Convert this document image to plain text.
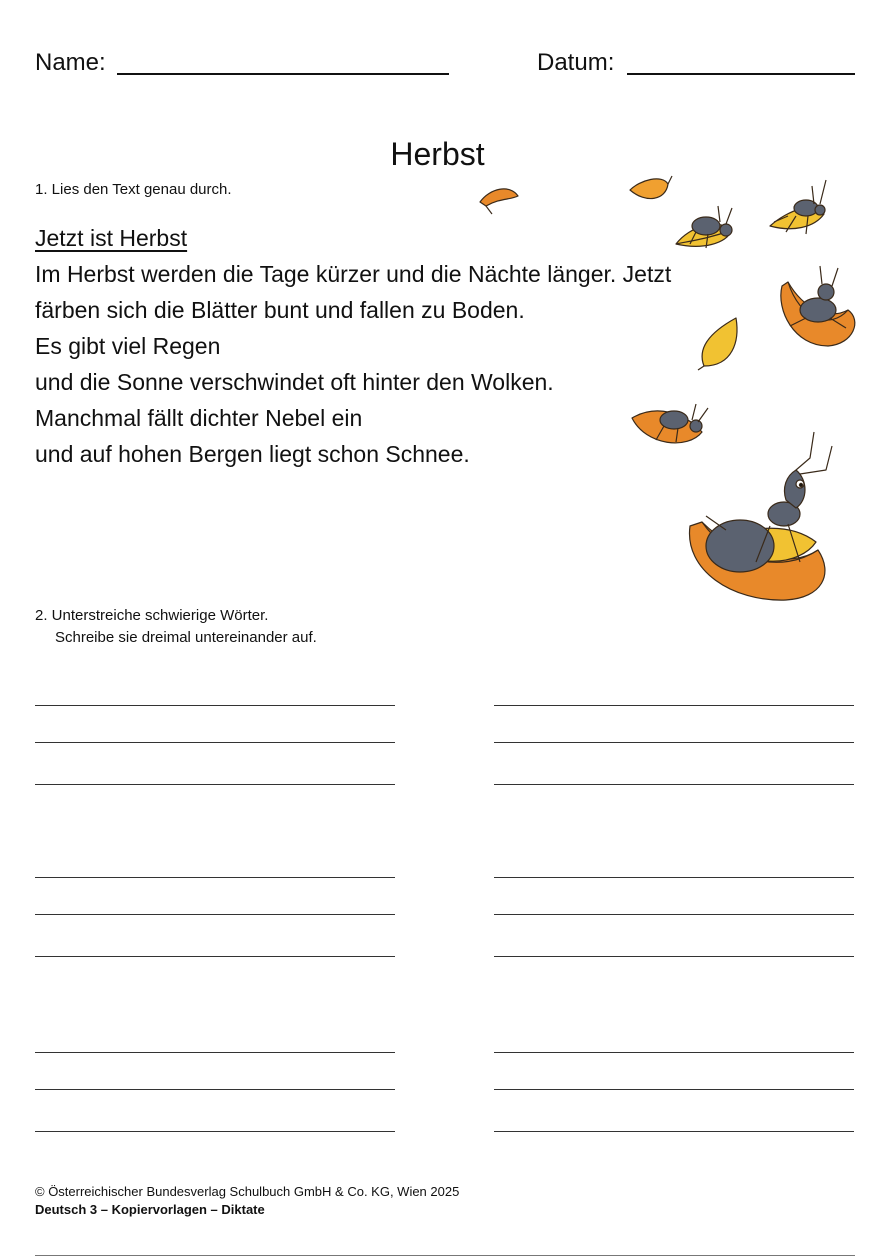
Name:	Datum:
Herbst
1. Lies den Text genau durch.
Jetzt ist Herbst
Im Herbst werden die Tage kürzer und die Nächte länger. Jetzt
färben sich die Blätter bunt und fallen zu Boden.
Es gibt viel Regen
und die Sonne verschwindet oft hinter den Wolken.
Manchmal fällt dichter Nebel ein
und auf hohen Bergen liegt schon Schnee.
2. Unterstreiche schwierige Wörter.
Schreibe sie dreimal untereinander auf.
© Österreichischer Bundesverlag Schulbuch GmbH & Co. KG, Wien 2025
Deutsch 3 – Kopiervorlagen – Diktate
